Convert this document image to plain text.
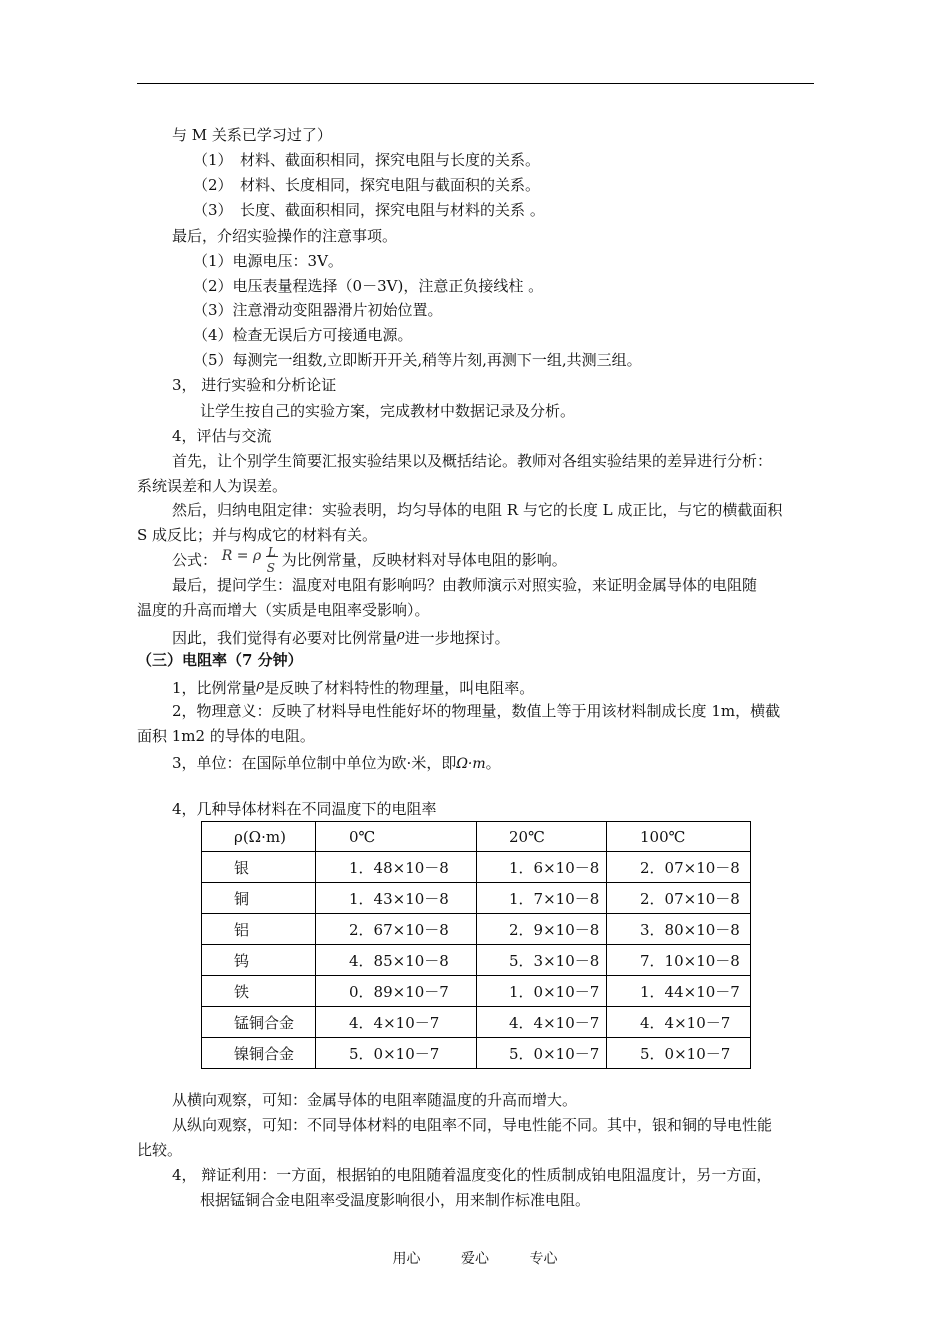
与 M 关系已学习过了）
（1）　材料、截面积相同，探究电阻与长度的关系。
（2）　材料、长度相同，探究电阻与截面积的关系。
（3）　长度、截面积相同，探究电阻与材料的关系 。
最后，介绍实验操作的注意事项。
（1）电源电压：3V。
（2）电压表量程选择（0－3V)，注意正负接线柱 。
（3）注意滑动变阻器滑片初始位置。
（4）检查无误后方可接通电源。
（5）每测完一组数,立即断开开关,稍等片刻,再测下一组,共测三组。
3， 进行实验和分析论证
让学生按自己的实验方案，完成教材中数据记录及分析。
4，评估与交流
首先，让个别学生简要汇报实验结果以及概括结论。教师对各组实验结果的差异进行分析：
系统误差和人为误差。
然后，归纳电阻定律：实验表明，均匀导体的电阻 R 与它的长度 L 成正比，与它的横截面积
S 成反比；并与构成它的材料有关。
公式： R = ρ L
S 为比例常量，反映材料对导体电阻的影响。
最后，提问学生：温度对电阻有影响吗？由教师演示对照实验，来证明金属导体的电阻随
温度的升高而增大（实质是电阻率受影响）。
因此，我们觉得有必要对比例常量ρ进一步地探讨。
（三）电阻率（7 分钟）
1，比例常量ρ是反映了材料特性的物理量，叫电阻率。
2，物理意义：反映了材料导电性能好坏的物理量，数值上等于用该材料制成长度 1m，横截
面积 1m2 的导体的电阻。
3，单位：在国际单位制中单位为欧·米，即Ω·m。
4，几种导体材料在不同温度下的电阻率
ρ(Ω·m)	0℃	20℃	100℃
银	1．48×10－8	1．6×10－8	2．07×10－8
铜	1．43×10－8	1．7×10－8	2．07×10－8
铝	2．67×10－8	2．9×10－8	3．80×10－8
钨	4．85×10－8	5．3×10－8	7．10×10－8
铁	0．89×10－7	1．0×10－7	1．44×10－7
锰铜合金	4．4×10－7	4．4×10－7	4．4×10－7
镍铜合金	5．0×10－7	5．0×10－7	5．0×10－7
从横向观察，可知：金属导体的电阻率随温度的升高而增大。
从纵向观察，可知：不同导体材料的电阻率不同，导电性能不同。其中，银和铜的导电性能
比较。
4， 辩证利用：一方面，根据铂的电阻随着温度变化的性质制成铂电阻温度计，另一方面，
根据锰铜合金电阻率受温度影响很小，用来制作标准电阻。
用心	爱心	专心
